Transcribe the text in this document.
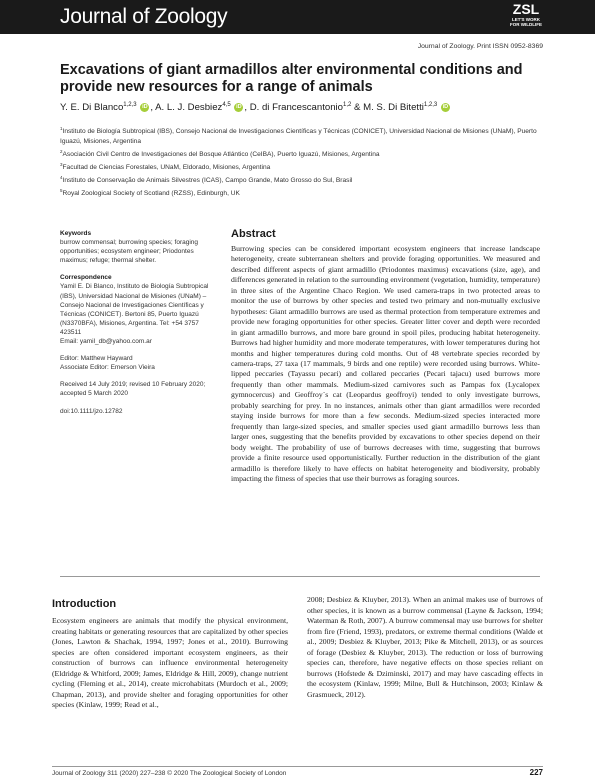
Journal of Zoology	ZSL
LET'S WORK FOR WILDLIFE
Journal of Zoology. Print ISSN 0952-8369
Excavations of giant armadillos alter environmental conditions and provide new resources for a range of animals
Y. E. Di Blanco$^{1,2,3}$ iD , A. L. J. Desbiez$^{4,5}$ iD , D. di Francescantonio$^{1,2}$ & M. S. Di Bitetti$^{1,2,3}$ iD
$^1$Instituto de Biología Subtropical (IBS), Consejo Nacional de Investigaciones Científicas y Técnicas (CONICET), Universidad Nacional de Misiones (UNaM), Puerto Iguazú, Misiones, Argentina
$^2$Asociación Civil Centro de Investigaciones del Bosque Atlántico (CeIBA), Puerto Iguazú, Misiones, Argentina
$^3$Facultad de Ciencias Forestales, UNaM, Eldorado, Misiones, Argentina
$^4$Instituto de Conservação de Animais Silvestres (ICAS), Campo Grande, Mato Grosso do Sul, Brasil
$^5$Royal Zoological Society of Scotland (RZSS), Edinburgh, UK

Keywords

burrow commensal; burrowing species; foraging opportunities; ecosystem engineer; Priodontes maximus; refuge; thermal shelter.

Correspondence

Yamil E. Di Blanco, Instituto de Biología Subtropical (IBS), Universidad Nacional de Misiones (UNaM) – Consejo Nacional de Investigaciones Científicas y Técnicas (CONICET). Bertoni 85, Puerto Iguazú (N3370BFA), Misiones, Argentina. Tel: +54 3757 423511

Email: yamil_db@yahoo.com.ar

Editor: Matthew Hayward

Associate Editor: Emerson Vieira

Received 14 July 2019; revised 10 February 2020; accepted 5 March 2020

doi:10.1111/jzo.12782

Abstract
Burrowing species can be considered important ecosystem engineers that increase landscape heterogeneity, create subterranean shelters and provide foraging opportunities. We measured and described different aspects of giant armadillo (Priodontes maximus) excavations (size, age), and differences generated in relation to the surrounding environment (vegetation, humidity, temperature) in three sites of the Argentine Chaco Region. We used camera-traps in two protected areas to monitor the use of burrows by other species and tested two primary and non-mutually exclusive hypotheses: Giant armadillo burrows are used as thermal protection from temperature extremes and provide new foraging opportunities for other species. Greater litter cover and depth were recorded in giant armadillo burrows, and more bare ground in spoil piles, producing habitat heterogeneity. Burrows had higher humidity and more moderate temperatures, with lower temperatures during hot months and higher temperatures during cold months. Out of 48 vertebrate species recorded by camera-traps, 27 taxa (17 mammals, 9 birds and one reptile) were recorded using burrows. White-lipped peccaries (Tayassu pecari) and collared peccaries (Pecari tajacu) used burrows more frequently than other mammals. Medium-sized carnivores such as Pampas fox (Lycalopex gymnocercus) and Geoffroy´s cat (Leopardus geoffroyi) tended to only investigate burrows, probably searching for prey. In no instances, animals other than giant armadillos were recorded staying inside burrows for more than a few seconds. Medium-sized species interacted more frequently than large-sized species, and smaller species used giant armadillo burrows less than larger ones, suggesting that the benefits provided by excavations to other species depend on their body weight. The probability of use of burrows decreases with time, suggesting that burrows provide a finite resource used opportunistically. Further reduction in the distribution of the giant armadillo is therefore likely to have effects on habitat heterogeneity and biodiversity, probably impacting the fitness of species that use their burrows as foraging sources.
Introduction
Ecosystem engineers are animals that modify the physical environment, creating habitats or generating resources that are capitalized by other species (Jones, Lawton & Shachak, 1994, 1997; Jones et al., 2010). Burrowing species are often considered important ecosystem engineers, as their construction of burrows can influence environmental heterogeneity (Eldridge & Whitford, 2009; James, Eldridge & Hill, 2009), change nutrient cycling (Fleming et al., 2014), create microhabitats (Murdoch et al., 2009; Chapman, 2013), and provide shelter and foraging opportunities for other species (Kinlaw, 1999; Read et al.,
2008; Desbiez & Kluyber, 2013). When an animal makes use of burrows of other species, it is known as a burrow commensal (Layne & Jackson, 1994; Waterman & Roth, 2007). A burrow commensal may use burrows for shelter from fire (Friend, 1993), predators, or extreme thermal conditions (Walde et al., 2009; Desbiez & Kluyber, 2013; Pike & Mitchell, 2013), or as sources of forage (Desbiez & Kluyber, 2013). The reduction or loss of burrowing species can, therefore, have negative effects on those species reliant on burrows (Hofstede & Dziminski, 2017) and may have cascading effects in the ecosystem (Kinlaw, 1999; Milne, Bull & Hutchinson, 2003; Kinlaw & Grasmueck, 2012).
Journal of Zoology 311 (2020) 227–238 © 2020 The Zoological Society of London	227
